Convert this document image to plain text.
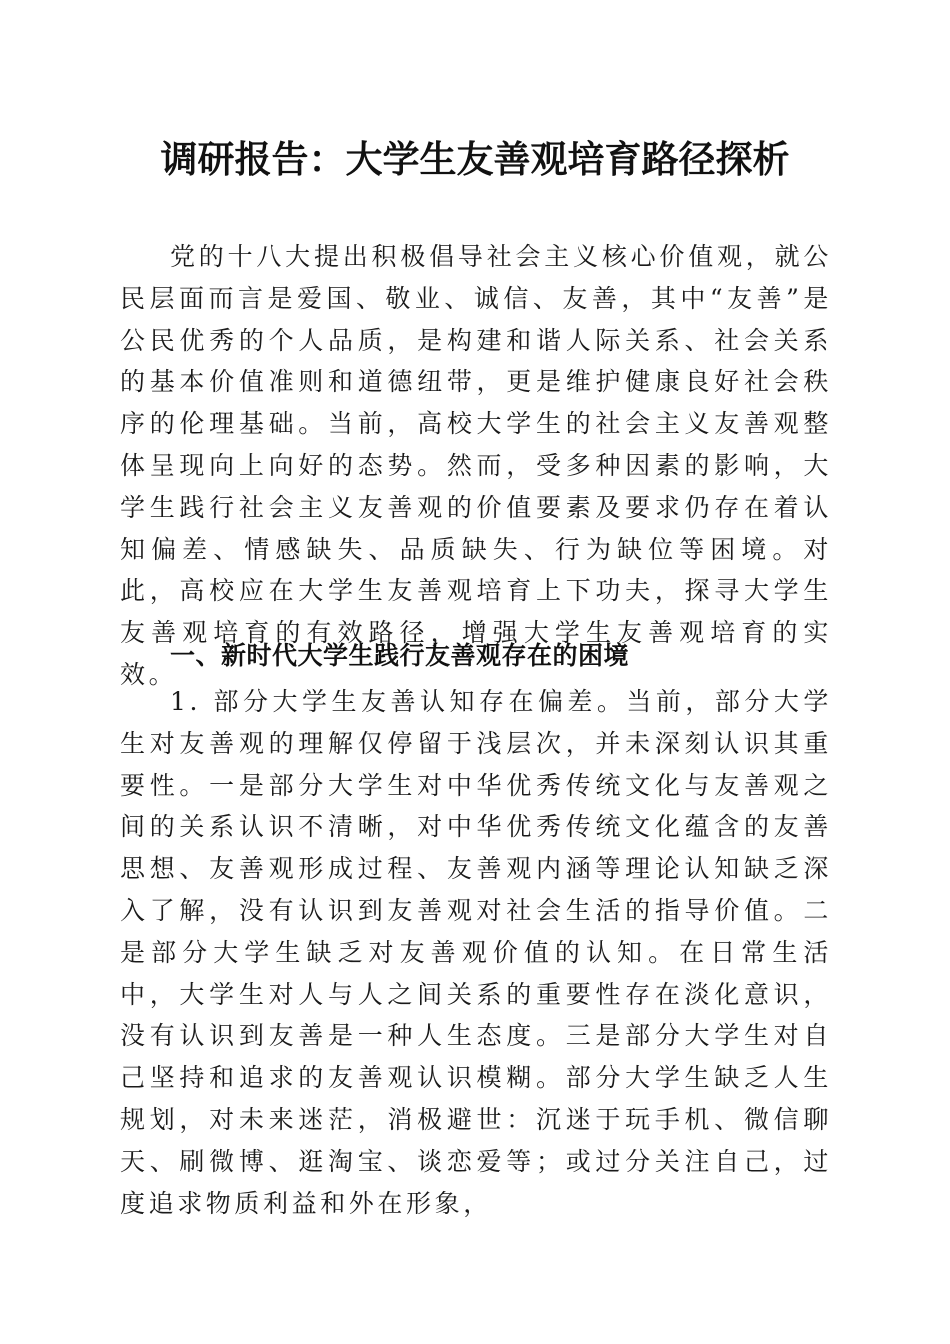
调研报告：大学生友善观培育路径探析

党的十八大提出积极倡导社会主义核心价值观，就公民层面而言是爱国、敬业、诚信、友善，其中“友善”是公民优秀的个人品质，是构建和谐人际关系、社会关系的基本价值准则和道德纽带，更是维护健康良好社会秩序的伦理基础。当前，高校大学生的社会主义友善观整体呈现向上向好的态势。然而，受多种因素的影响，大学生践行社会主义友善观的价值要素及要求仍存在着认知偏差、情感缺失、品质缺失、行为缺位等困境。对此，高校应在大学生友善观培育上下功夫，探寻大学生友善观培育的有效路径，增强大学生友善观培育的实效。

一、新时代大学生践行友善观存在的困境

1. 部分大学生友善认知存在偏差。当前，部分大学生对友善观的理解仅停留于浅层次，并未深刻认识其重要性。一是部分大学生对中华优秀传统文化与友善观之间的关系认识不清晰，对中华优秀传统文化蕴含的友善思想、友善观形成过程、友善观内涵等理论认知缺乏深入了解，没有认识到友善观对社会生活的指导价值。二是部分大学生缺乏对友善观价值的认知。在日常生活中，大学生对人与人之间关系的重要性存在淡化意识，没有认识到友善是一种人生态度。三是部分大学生对自己坚持和追求的友善观认识模糊。部分大学生缺乏人生规划，对未来迷茫，消极避世：沉迷于玩手机、微信聊天、刷微博、逛淘宝、谈恋爱等；或过分关注自己，过度追求物质利益和外在形象，
